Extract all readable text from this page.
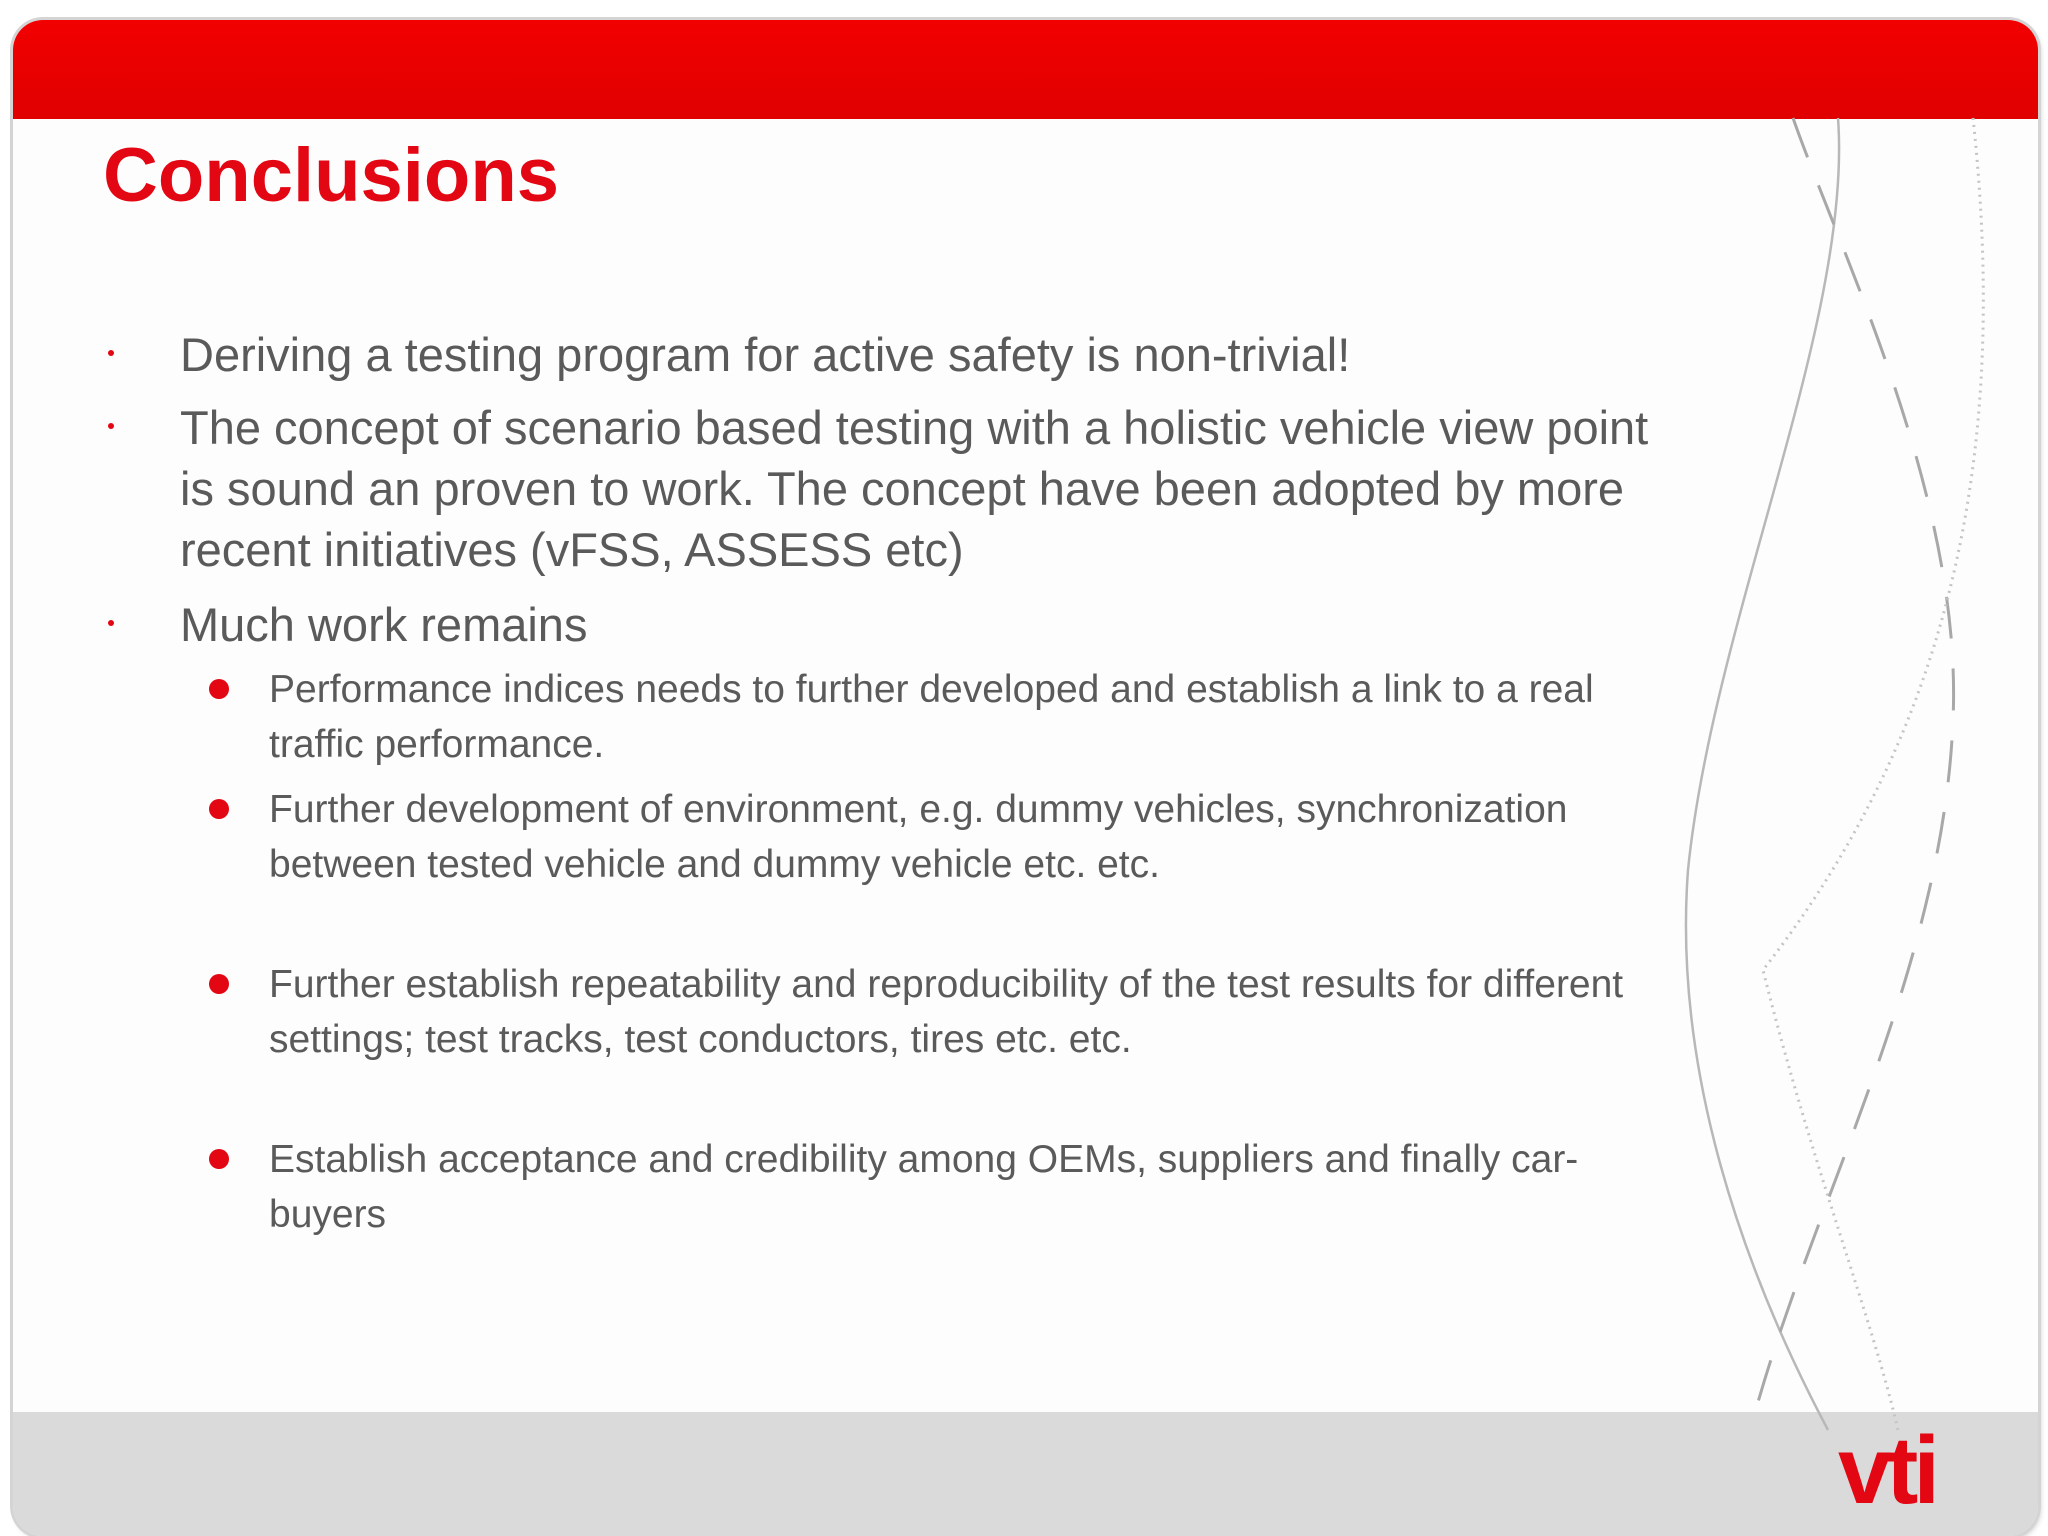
Conclusions
Deriving a testing program for active safety is non-trivial!
The concept of scenario based testing with a holistic vehicle view point is sound an proven to work. The concept have been adopted by more recent initiatives (vFSS, ASSESS etc)
Much work remains
Performance indices needs to further developed and establish a link to a real traffic performance.
Further development of environment, e.g. dummy vehicles, synchronization between tested vehicle and dummy vehicle etc. etc.
Further establish repeatability and reproducibility of the test results for different settings; test tracks, test conductors, tires etc. etc.
Establish acceptance and credibility among OEMs, suppliers and finally car-buyers
vti
